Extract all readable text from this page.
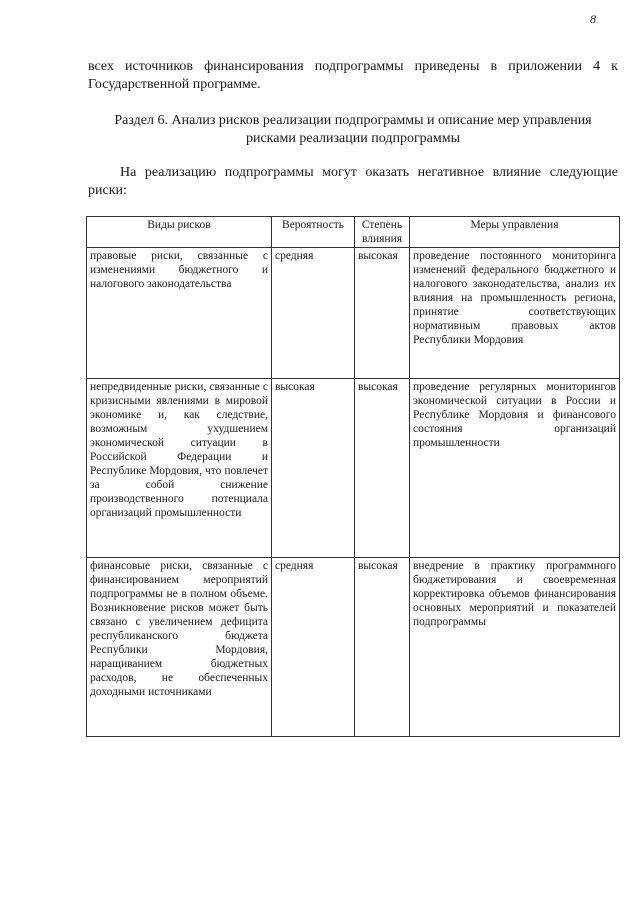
8

всех источников финансирования подпрограммы приведены в приложении 4 к Государственной программе.

Раздел 6. Анализ рисков реализации подпрограммы и описание мер управления рисками реализации подпрограммы

На реализацию подпрограммы могут оказать негативное влияние следующие риски:

Виды рисков	Вероятность	Степень влияния	Меры управления
правовые риски, связанные с изменениями бюджетного и налогового законодательства	средняя	высокая	проведение постоянного мониторинга изменений федерального бюджетного и налогового законодательства, анализ их влияния на промышленность региона, принятие соответствующих нормативным правовых актов Республики Мордовия
непредвиденные риски, связанные с кризисными явлениями в мировой экономике и, как следствие, возможным ухудшением экономической ситуации в Российской Федерации и Республике Мордовия, что повлечет за собой снижение производственного потенциала организаций промышленности	высокая	высокая	проведение регулярных мониторингов экономической ситуации в России и Республике Мордовия и финансового состояния организаций промышленности
финансовые риски, связанные с финансированием мероприятий подпрограммы не в полном объеме. Возникновение рисков может быть связано с увеличением дефицита республиканского бюджета Республики Мордовия, наращиванием бюджетных расходов, не обеспеченных доходными источниками	средняя	высокая	внедрение в практику программного бюджетирования и своевременная корректировка объемов финансирования основных мероприятий и показателей подпрограммы
